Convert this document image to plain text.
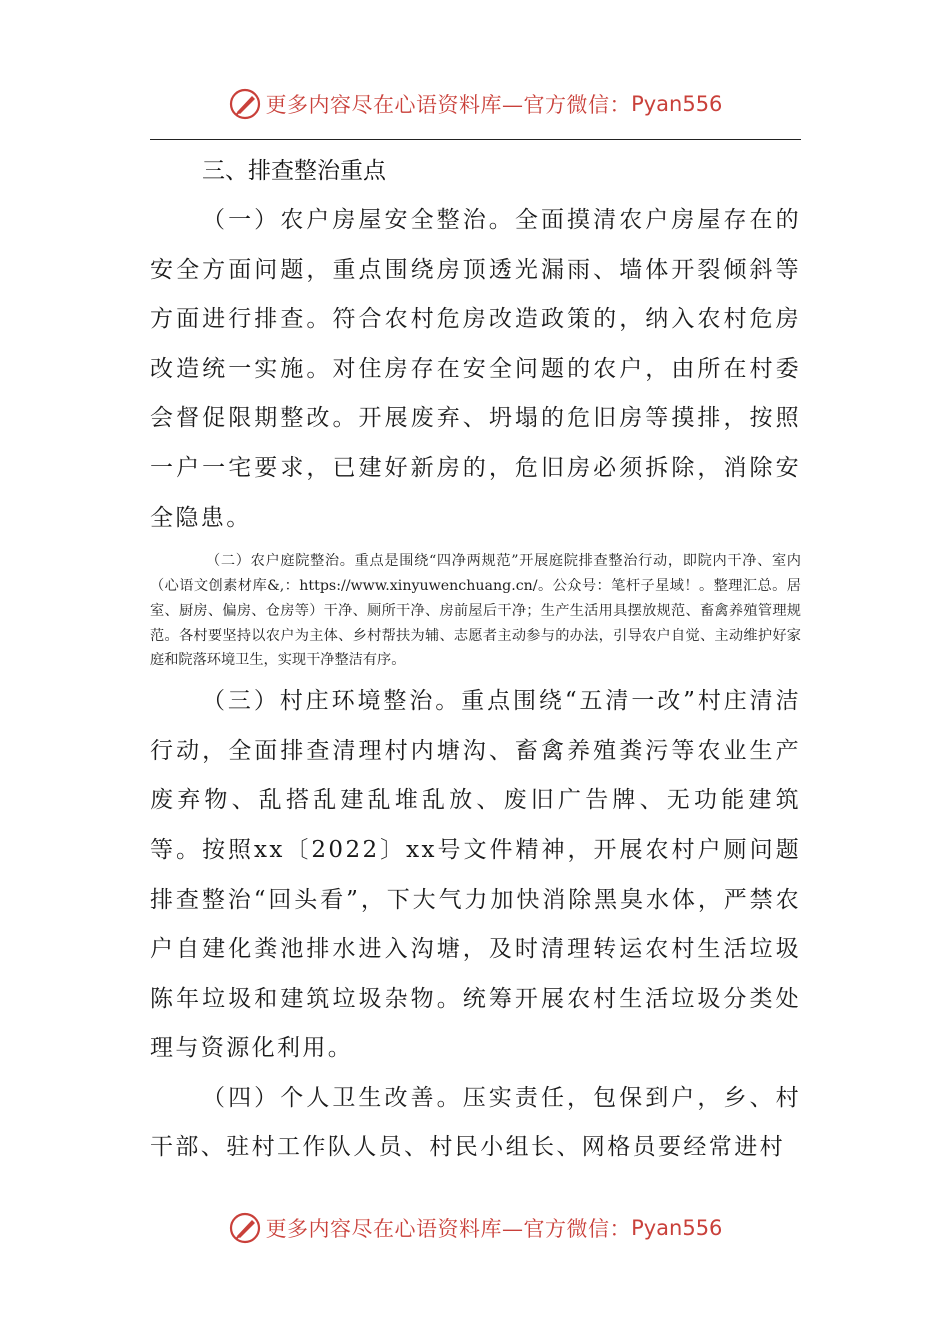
更多内容尽在心语资料库—官方微信： Pyan556

三、排查整治重点

（一）农户房屋安全整治。全面摸清农户房屋存在的安全方面问题，重点围绕房顶透光漏雨、墙体开裂倾斜等方面进行排查。符合农村危房改造政策的，纳入农村危房改造统一实施。对住房存在安全问题的农户，由所在村委会督促限期整改。开展废弃、坍塌的危旧房等摸排，按照一户一宅要求，已建好新房的，危旧房必须拆除，消除安全隐患。

（二）农户庭院整治。重点是围绕“四净两规范”开展庭院排查整治行动，即院内干净、室内（心语文创素材库&,：https://www.xinyuwenchuang.cn/。公众号：笔杆子星域！。整理汇总。居室、厨房、偏房、仓房等）干净、厕所干净、房前屋后干净；生产生活用具摆放规范、畜禽养殖管理规范。各村要坚持以农户为主体、乡村帮扶为辅、志愿者主动参与的办法，引导农户自觉、主动维护好家庭和院落环境卫生，实现干净整洁有序。

（三）村庄环境整治。重点围绕“五清一改”村庄清洁行动，全面排查清理村内塘沟、畜禽养殖粪污等农业生产废弃物、乱搭乱建乱堆乱放、废旧广告牌、无功能建筑等。按照xx〔2022〕xx号文件精神，开展农村户厕问题排查整治“回头看”，下大气力加快消除黑臭水体，严禁农户自建化粪池排水进入沟塘，及时清理转运农村生活垃圾陈年垃圾和建筑垃圾杂物。统筹开展农村生活垃圾分类处理与资源化利用。

（四）个人卫生改善。压实责任，包保到户，乡、村干部、驻村工作队人员、村民小组长、网格员要经常进村

更多内容尽在心语资料库—官方微信： Pyan556
